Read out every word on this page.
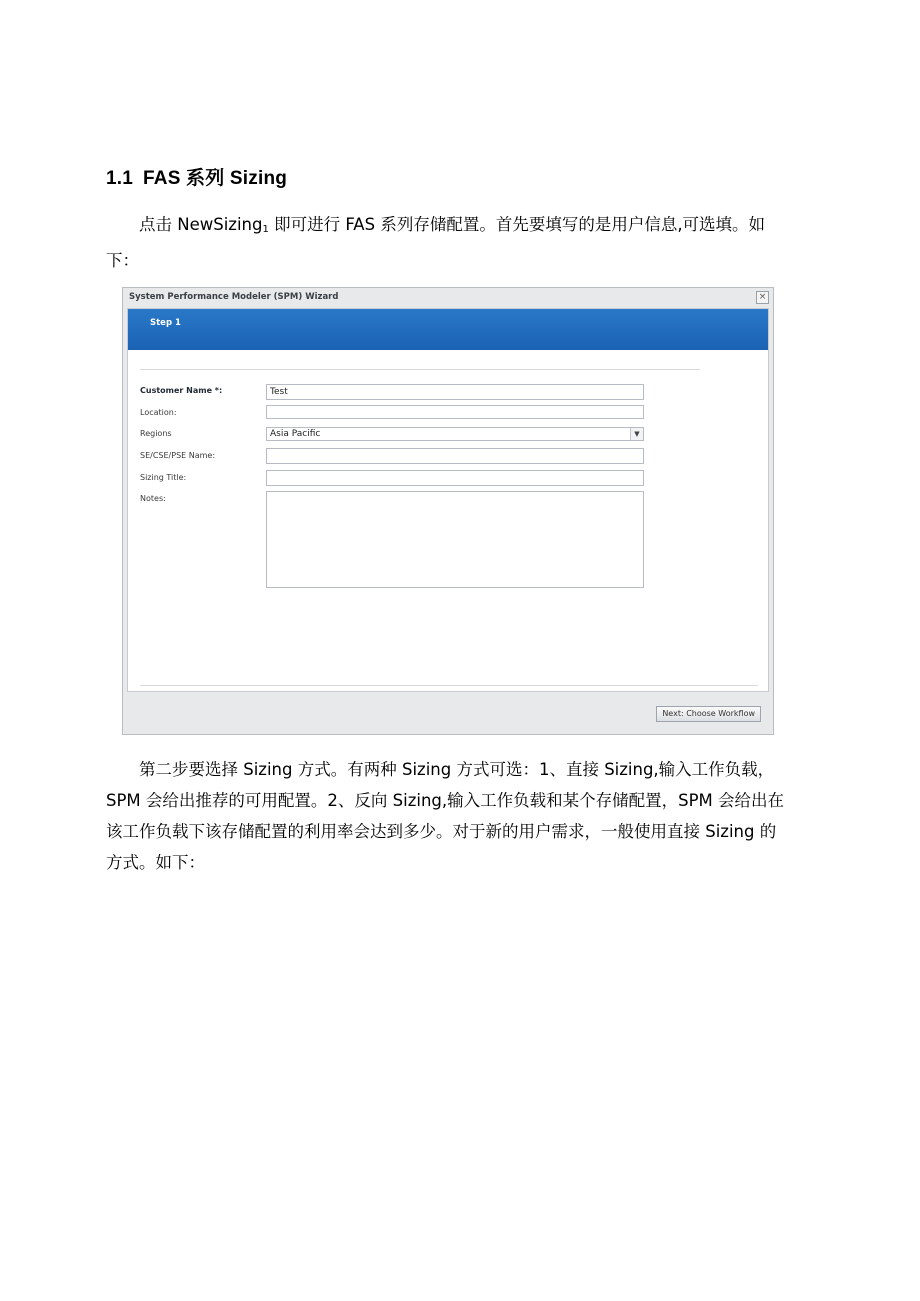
1.1 FAS 系列 Sizing
点击 NewSizing$_1$ 即可进行 FAS 系列存储配置。首先要填写的是用户信息,可选填。如下：
System Performance Modeler (SPM) Wizard	×
Step 1
Customer Name *:	Test
Location:
Regions	Asia Pacific	▼
SE/CSE/PSE Name:
Sizing Title:
Notes:
Next: Choose Workflow
第二步要选择 Sizing 方式。有两种 Sizing 方式可选：1、直接 Sizing,输入工作负载，SPM 会给出推荐的可用配置。2、反向 Sizing,输入工作负载和某个存储配置，SPM 会给出在该工作负载下该存储配置的利用率会达到多少。对于新的用户需求，一般使用直接 Sizing 的方式。如下：
